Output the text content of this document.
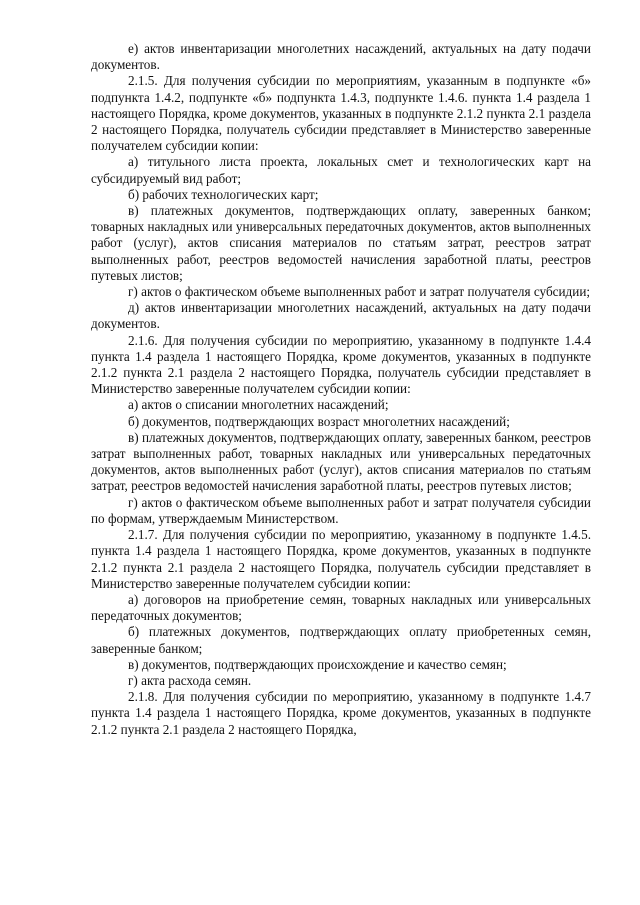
е) актов инвентаризации многолетних насаждений, актуальных на дату подачи документов.

2.1.5. Для получения субсидии по мероприятиям, указанным в подпункте «б» подпункта 1.4.2, подпункте «б» подпункта 1.4.3, подпункте 1.4.6. пункта 1.4 раздела 1 настоящего Порядка, кроме документов, указанных в подпункте 2.1.2 пункта 2.1 раздела 2 настоящего Порядка, получатель субсидии представляет в Министерство заверенные получателем субсидии копии:

а) титульного листа проекта, локальных смет и технологических карт на субсидируемый вид работ;

б) рабочих технологических карт;

в) платежных документов, подтверждающих оплату, заверенных банком; товарных накладных или универсальных передаточных документов, актов выполненных работ (услуг), актов списания материалов по статьям затрат, реестров затрат выполненных работ, реестров ведомостей начисления заработной платы, реестров путевых листов;

г) актов о фактическом объеме выполненных работ и затрат получателя субсидии;

д) актов инвентаризации многолетних насаждений, актуальных на дату подачи документов.

2.1.6. Для получения субсидии по мероприятию, указанному в подпункте 1.4.4 пункта 1.4 раздела 1 настоящего Порядка, кроме документов, указанных в подпункте 2.1.2 пункта 2.1 раздела 2 настоящего Порядка, получатель субсидии представляет в Министерство заверенные получателем субсидии копии:

а) актов о списании многолетних насаждений;

б) документов, подтверждающих возраст многолетних насаждений;

в) платежных документов, подтверждающих оплату, заверенных банком, реестров затрат выполненных работ, товарных накладных или универсальных передаточных документов, актов выполненных работ (услуг), актов списания материалов по статьям затрат, реестров ведомостей начисления заработной платы, реестров путевых листов;

г) актов о фактическом объеме выполненных работ и затрат получателя субсидии по формам, утверждаемым Министерством.

2.1.7. Для получения субсидии по мероприятию, указанному в подпункте 1.4.5. пункта 1.4 раздела 1 настоящего Порядка, кроме документов, указанных в подпункте 2.1.2 пункта 2.1 раздела 2 настоящего Порядка, получатель субсидии представляет в Министерство заверенные получателем субсидии копии:

а) договоров на приобретение семян, товарных накладных или универсальных передаточных документов;

б) платежных документов, подтверждающих оплату приобретенных семян, заверенные банком;

в) документов, подтверждающих происхождение и качество семян;

г) акта расхода семян.

2.1.8. Для получения субсидии по мероприятию, указанному в подпункте 1.4.7 пункта 1.4 раздела 1 настоящего Порядка, кроме документов, указанных в подпункте 2.1.2 пункта 2.1 раздела 2 настоящего Порядка,
